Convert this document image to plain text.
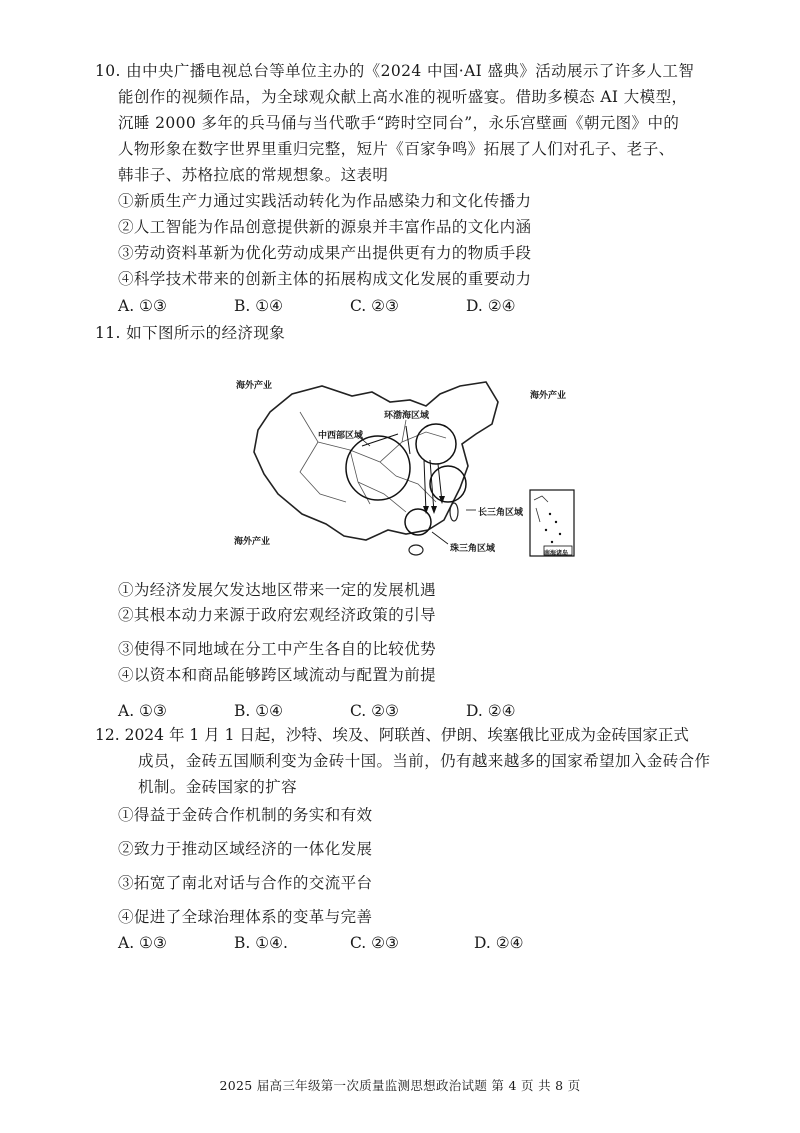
10. 由中央广播电视总台等单位主办的《2024 中国·AI 盛典》活动展示了许多人工智
能创作的视频作品，为全球观众献上高水准的视听盛宴。借助多模态 AI 大模型，
沉睡 2000 多年的兵马俑与当代歌手“跨时空同台”，永乐宫壁画《朝元图》中的
人物形象在数字世界里重归完整，短片《百家争鸣》拓展了人们对孔子、老子、
韩非子、苏格拉底的常规想象。这表明
①新质生产力通过实践活动转化为作品感染力和文化传播力
②人工智能为作品创意提供新的源泉并丰富作品的文化内涵
③劳动资料革新为优化劳动成果产出提供更有力的物质手段
④科学技术带来的创新主体的拓展构成文化发展的重要动力
A. ①③	B. ①④	C. ②③	D. ②④
11. 如下图所示的经济现象
海外产业
海外产业
海外产业
环渤海区域
中西部区域
长三角区域
珠三角区域	南海诸岛
①为经济发展欠发达地区带来一定的发展机遇
②其根本动力来源于政府宏观经济政策的引导
③使得不同地域在分工中产生各自的比较优势
④以资本和商品能够跨区域流动与配置为前提
A. ①③	B. ①④	C. ②③	D. ②④
12. 2024 年 1 月 1 日起，沙特、埃及、阿联酋、伊朗、埃塞俄比亚成为金砖国家正式
成员，金砖五国顺利变为金砖十国。当前，仍有越来越多的国家希望加入金砖合作
机制。金砖国家的扩容
①得益于金砖合作机制的务实和有效
②致力于推动区域经济的一体化发展
③拓宽了南北对话与合作的交流平台
④促进了全球治理体系的变革与完善
A. ①③	B. ①④.	C. ②③	D. ②④
2025 届高三年级第一次质量监测思想政治试题 第 4 页 共 8 页
